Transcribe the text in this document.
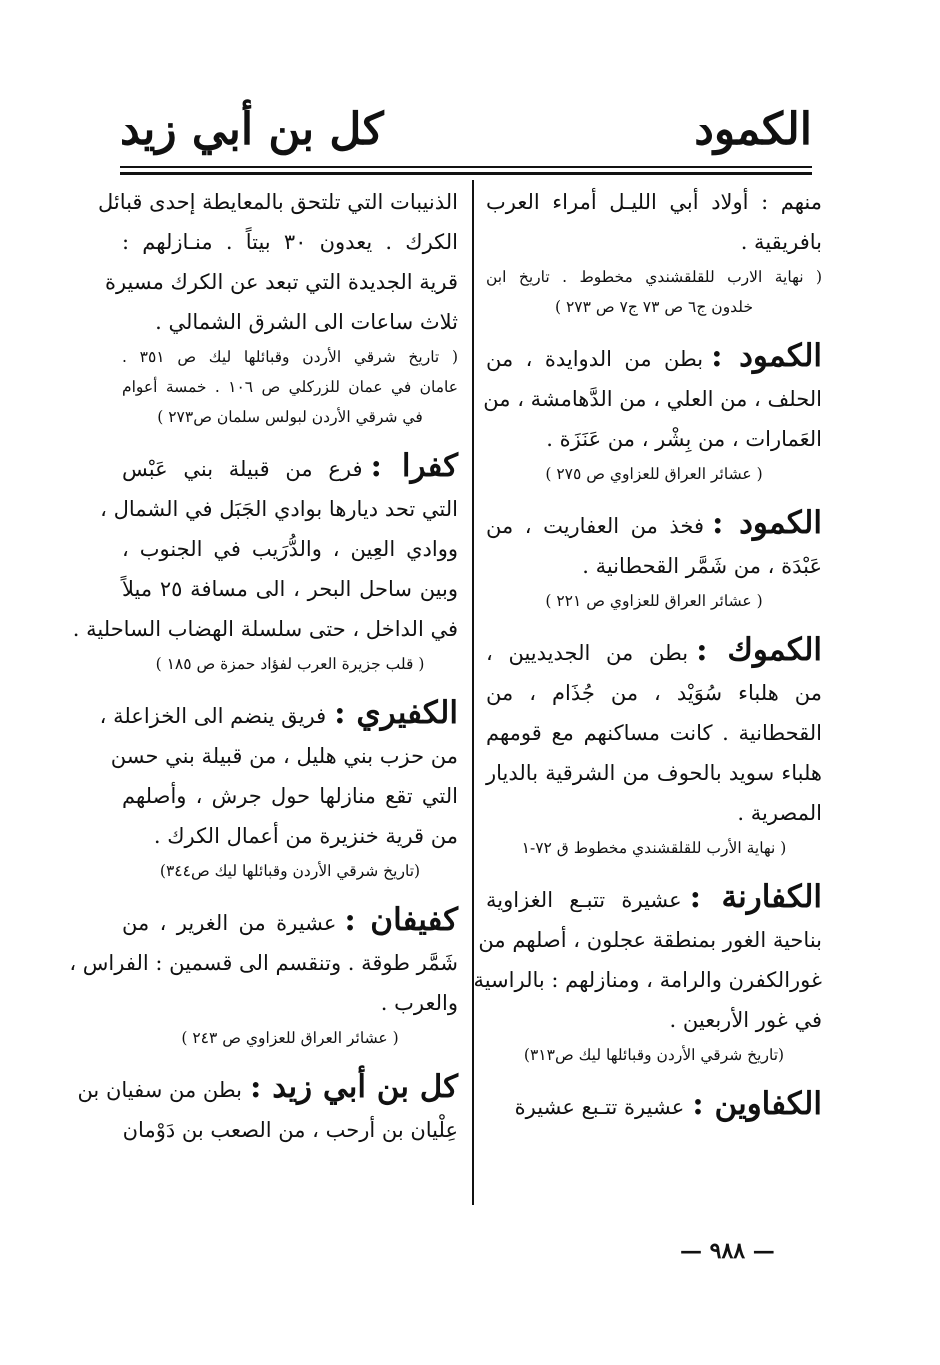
الكمود
كل بن أبي زيد
منهم : أولاد أبي الليـل أمراء العرب
بافريقية .
( نهاية الارب للقلقشندي مخطوط . تاريخ ابن
خلدون ج٦ ص ٧٣ ج٧ ص ٢٧٣ )
الكمود :بطن من الدوايدة ، من
الحلف ، من العلي ، من الدَّهامشة ، من
العَمارات ، من بِشْر ، من عَنَزَة .
( عشائر العراق للعزاوي ص ٢٧٥ )
الكمود :فخذ من العفاريت ، من
عَبْدَة ، من شَمَّر القحطانية .
( عشائر العراق للعزاوي ص ٢٢١ )
الكموك :بطن من الجديديين ،
من هلباء سُوَيْد ، من جُذَام ، من
القحطانية . كانت مساكنهم مع قومهم
هلباء سويد بالحوف من الشرقية بالديار
المصرية .
( نهاية الأرب للقلقشندي مخطوط ق ٧٢-١
الكفارنة :عشيرة تتبـع الغزاوية
بناحية الغور بمنطقة عجلون ، أصلهم من
غورالكفرن والرامة ، ومنازلهم : بالراسية
في غور الأربعين .
(تاريخ شرقي الأردن وقبائلها ليك ص٣١٣)
الكفاوين :عشيرة تتـبع عشيرة
الذنيبات التي تلتحق بالمعايطة إحدى قبائل
الكرك . يعدون ٣٠ بيتاً . منـازلهم :
قرية الجديدة التي تبعد عن الكرك مسيرة
ثلاث ساعات الى الشرق الشمالي .
( تاريخ شرقي الأردن وقبائلها ليك ص ٣٥١ .
عامان في عمان للزركلي ص ١٠٦ . خمسة أعوام
في شرقي الأردن لبولس سلمان ص٢٧٣ )
كفرا :فرع من قبيلة بني عَبْس
التي تحد ديارها بوادي الجَبَل في الشمال ،
ووادي العِين ، والدُّرَيب في الجنوب ،
وبين ساحل البحر ، الى مسافة ٢٥ ميلاً
في الداخل ، حتى سلسلة الهضاب الساحلية .
( قلب جزيرة العرب لفؤاد حمزة ص ١٨٥ )
الكفيري :فريق ينضم الى الخزاعلة ،
من حزب بني هليل ، من قبيلة بني حسن
التي تقع منازلها حول جرش ، وأصلهم
من قرية خنزيرة من أعمال الكرك .
(تاريخ شرقي الأردن وقبائلها ليك ص٣٤٤)
كفيفان :عشيرة من الغرير ، من
شَمَّر طوقة . وتنقسم الى قسمين : الفراس ،
والعرب .
( عشائر العراق للعزاوي ص ٢٤٣ )
كل بن أبي زيد :بطن من سفيان بن
عِلْيان بن أرحب ، من الصعب بن دَوْمان
— ٩٨٨ —
